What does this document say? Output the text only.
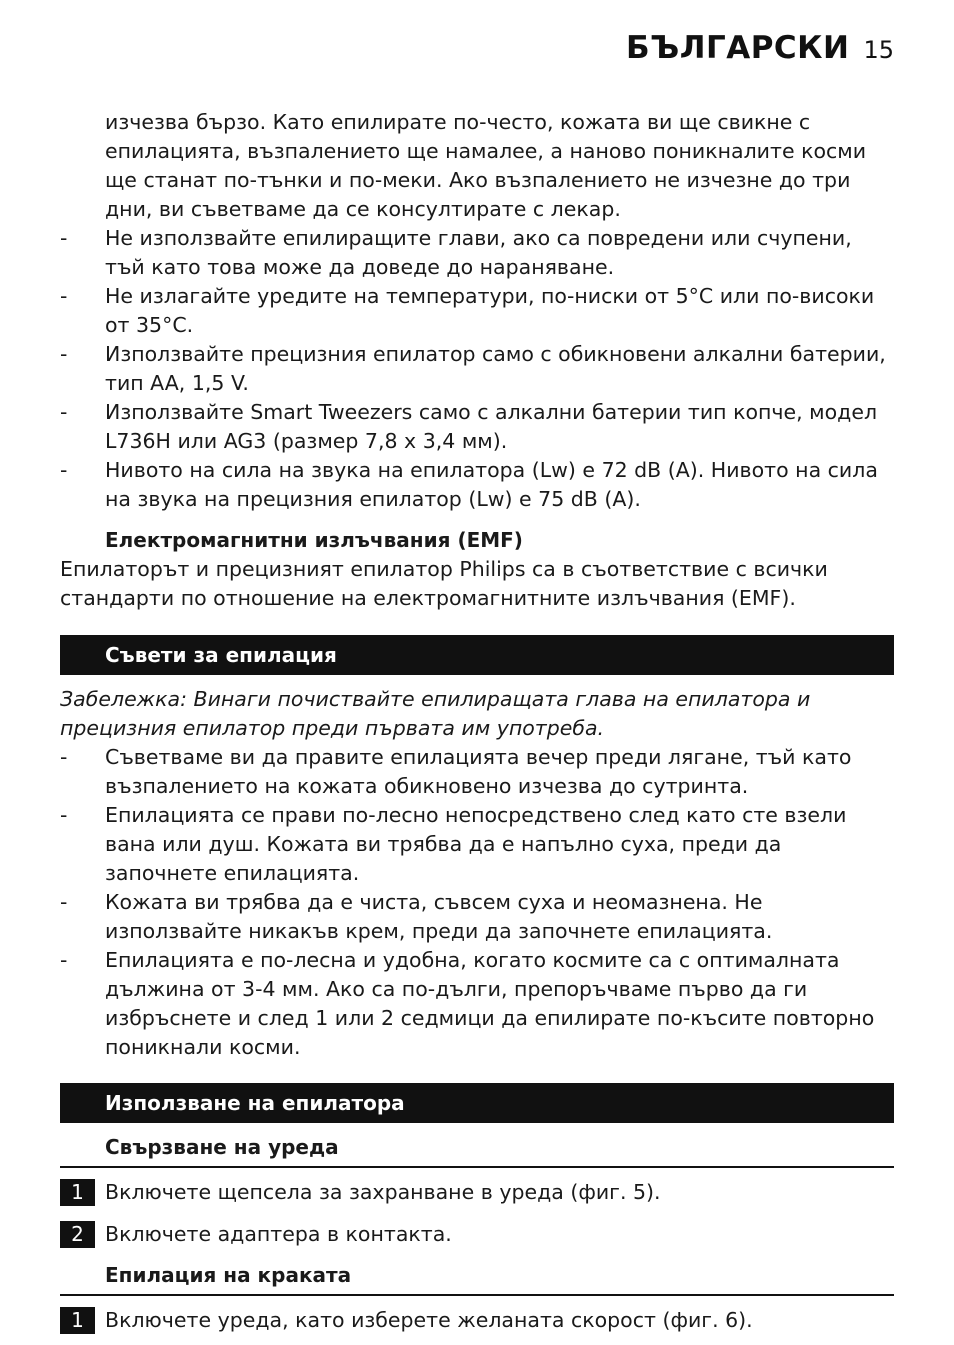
БЪЛГАРСКИ 15

изчезва бързо. Като епилирате по-често, кожата ви ще свикне с епилацията, възпалението ще намалее, а наново поникналите косми ще станат по-тънки и по-меки. Ако възпалението не изчезне до три дни, ви съветваме да се консултирате с лекар.

- Не използвайте епилиращите глави, ако са повредени или счупени, тъй като това може да доведе до нараняване.
- Не излагайте уредите на температури, по-ниски от 5°C или по-високи от 35°C.
- Използвайте прецизния епилатор само с обикновени алкални батерии, тип AA, 1,5 V.
- Използвайте Smart Tweezers само с алкални батерии тип копче, модел L736H или AG3 (размер 7,8 x 3,4 мм).
- Нивото на сила на звука на епилатора (Lw) е 72 dB (A). Нивото на сила на звука на прецизния епилатор (Lw) е 75 dB (A).
Електромагнитни излъчвания (EMF)

Епилаторът и прецизният епилатор Philips са в съответствие с всички стандарти по отношение на електромагнитните излъчвания (EMF).

Съвети за епилация

Забележка: Винаги почиствайте епилиращата глава на епилатора и прецизния епилатор преди първата им употреба.

- Съветваме ви да правите епилацията вечер преди лягане, тъй като възпалението на кожата обикновено изчезва до сутринта.
- Епилацията се прави по-лесно непосредствено след като сте взели вана или душ. Кожата ви трябва да е напълно суха, преди да започнете епилацията.
- Кожата ви трябва да е чиста, съвсем суха и неомазнена. Не използвайте никакъв крем, преди да започнете епилацията.
- Епилацията е по-лесна и удобна, когато космите са с оптималната дължина от 3-4 мм. Ако са по-дълги, препоръчваме първо да ги избръснете и след 1 или 2 седмици да епилирате по-късите повторно поникнали косми.
Използване на епилатора
Свързване на уреда
1	Включете щепсела за захранване в уреда (фиг. 5).
2	Включете адаптера в контакта.
Епилация на краката
1	Включете уреда, като изберете желаната скорост (фиг. 6).
